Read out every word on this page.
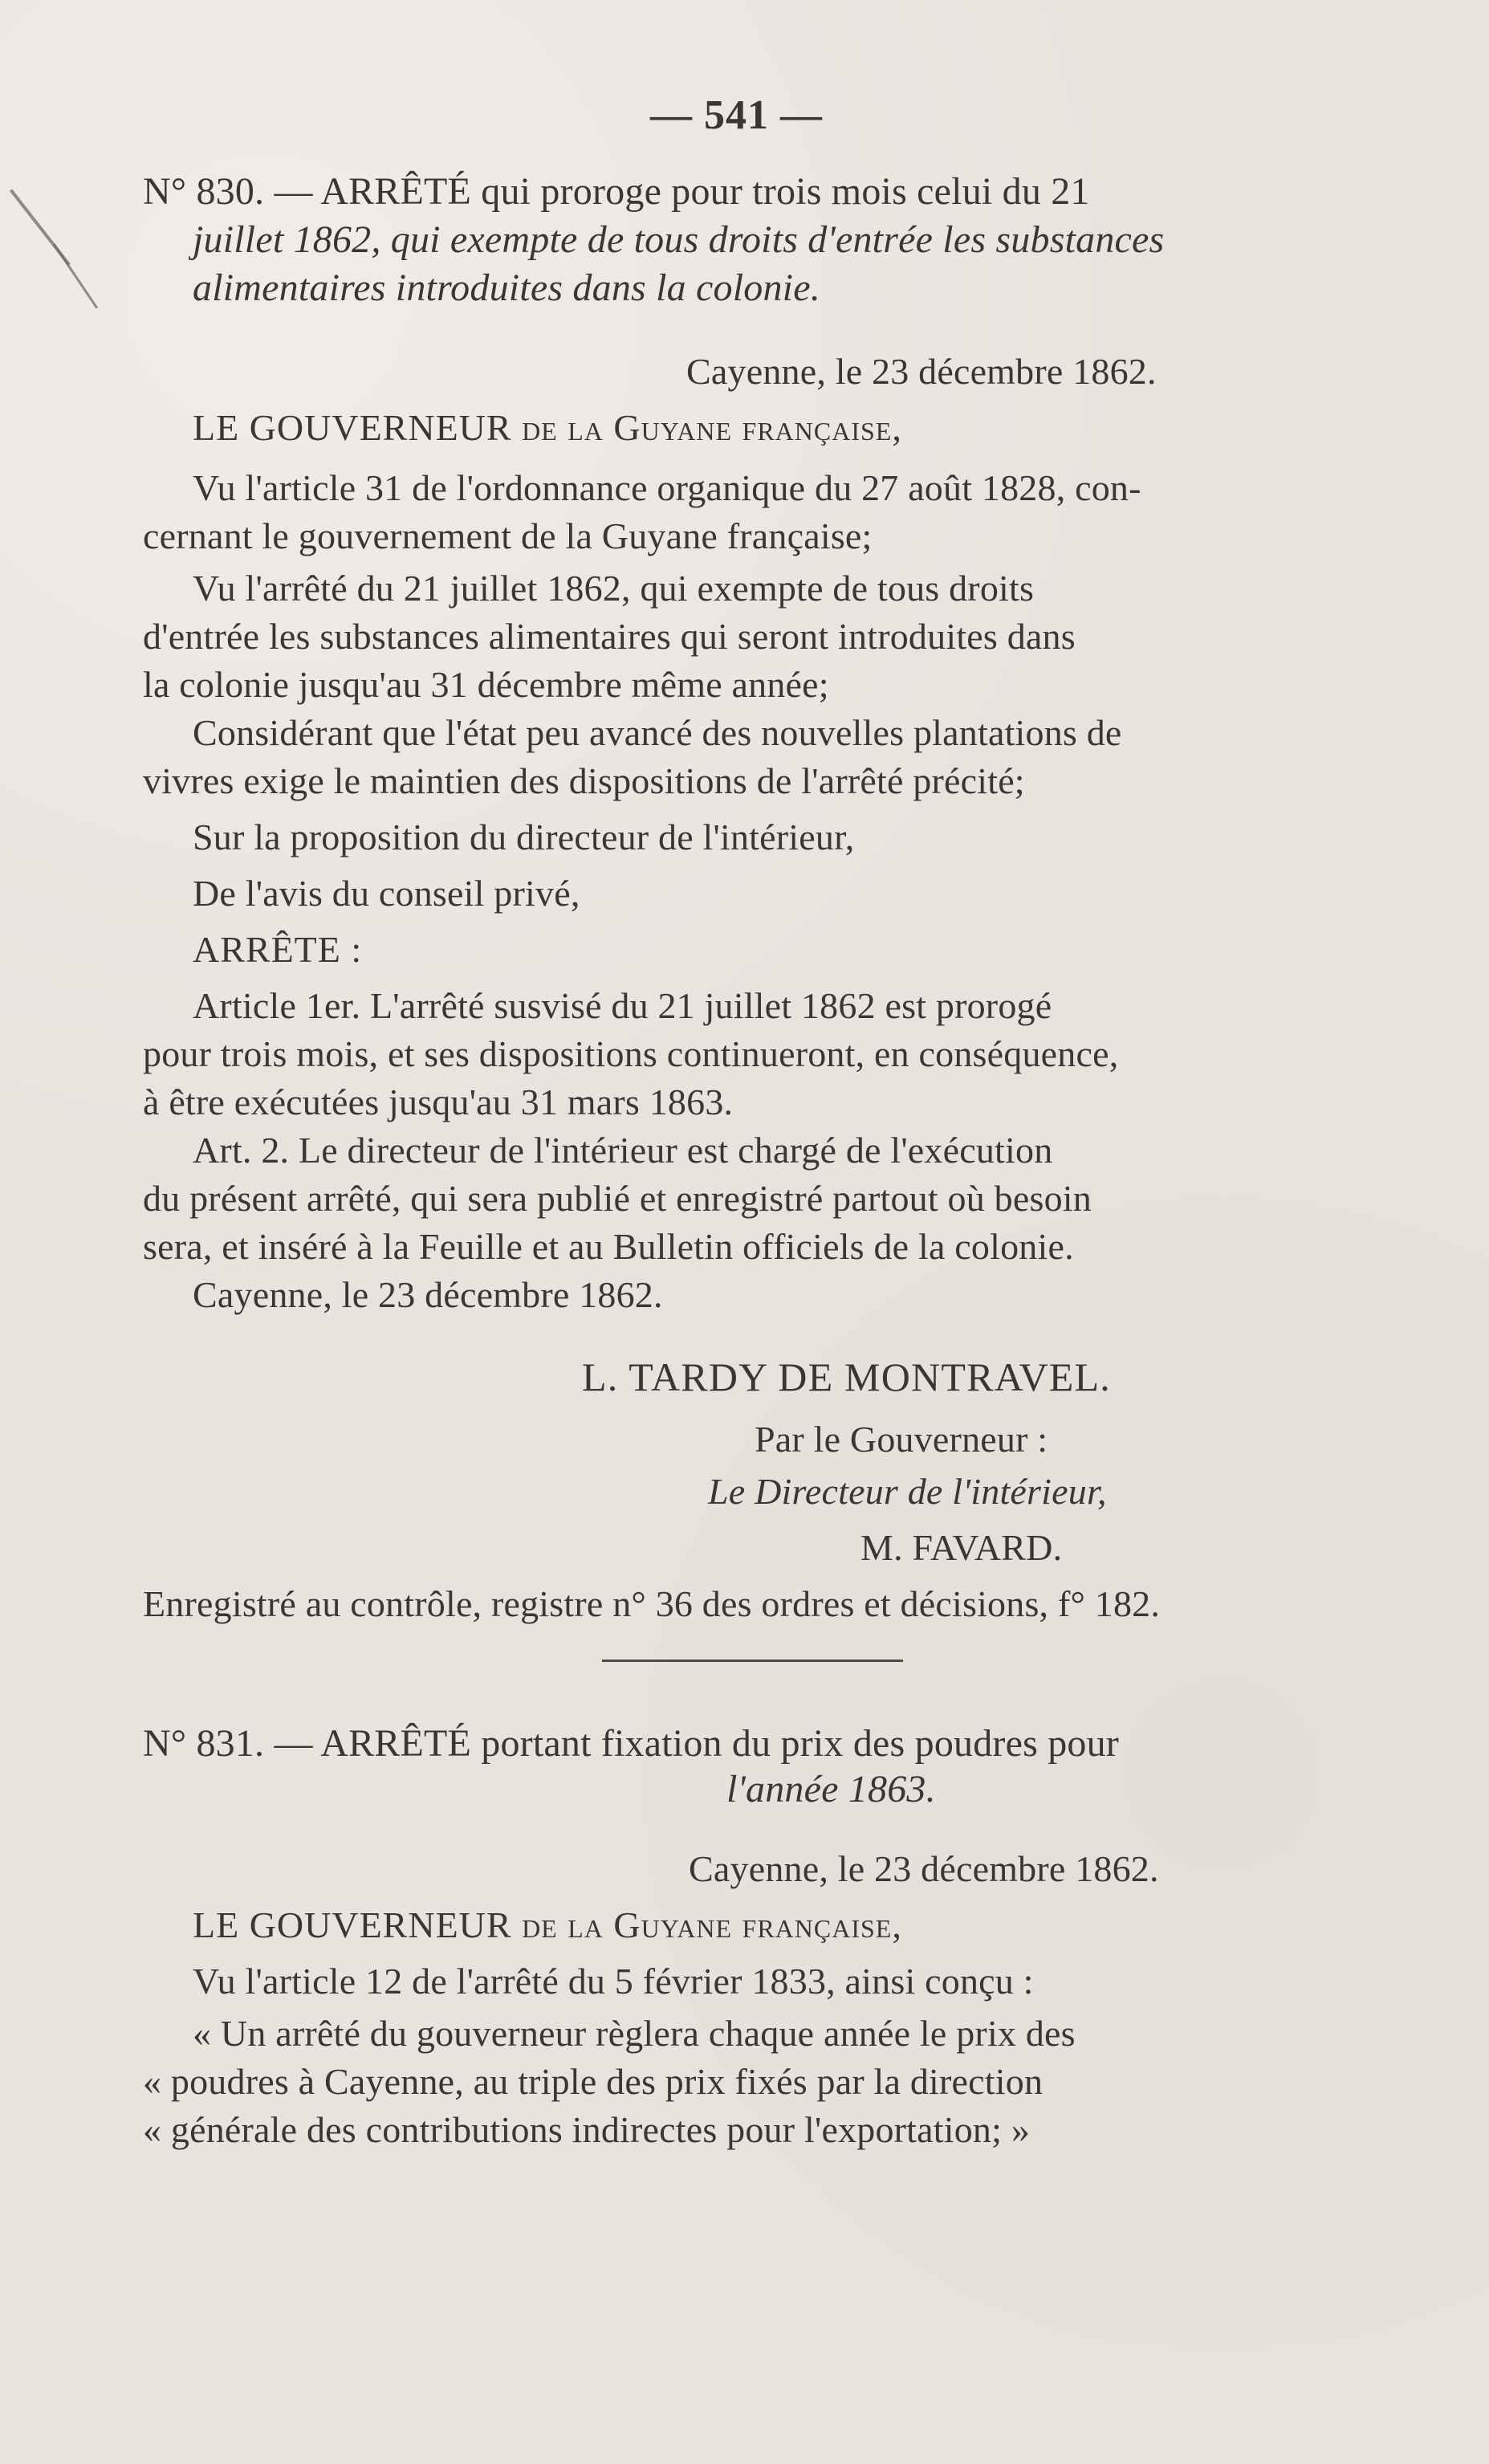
— 541 —
N° 830. — ARRÊTÉ qui proroge pour trois mois celui du 21
juillet 1862, qui exempte de tous droits d'entrée les substances
alimentaires introduites dans la colonie.
Cayenne, le 23 décembre 1862.
LE GOUVERNEUR de la Guyane française,
Vu l'article 31 de l'ordonnance organique du 27 août 1828, con-
cernant le gouvernement de la Guyane française;
Vu l'arrêté du 21 juillet 1862, qui exempte de tous droits
d'entrée les substances alimentaires qui seront introduites dans
la colonie jusqu'au 31 décembre même année;
Considérant que l'état peu avancé des nouvelles plantations de
vivres exige le maintien des dispositions de l'arrêté précité;
Sur la proposition du directeur de l'intérieur,
De l'avis du conseil privé,
ARRÊTE :
Article 1er. L'arrêté susvisé du 21 juillet 1862 est prorogé
pour trois mois, et ses dispositions continueront, en conséquence,
à être exécutées jusqu'au 31 mars 1863.
Art. 2. Le directeur de l'intérieur est chargé de l'exécution
du présent arrêté, qui sera publié et enregistré partout où besoin
sera, et inséré à la Feuille et au Bulletin officiels de la colonie.
Cayenne, le 23 décembre 1862.
L. TARDY DE MONTRAVEL.
Par le Gouverneur :
Le Directeur de l'intérieur,
M. FAVARD.
Enregistré au contrôle, registre n° 36 des ordres et décisions, f° 182.
N° 831. — ARRÊTÉ portant fixation du prix des poudres pour
l'année 1863.
Cayenne, le 23 décembre 1862.
LE GOUVERNEUR de la Guyane française,
Vu l'article 12 de l'arrêté du 5 février 1833, ainsi conçu :
« Un arrêté du gouverneur règlera chaque année le prix des
« poudres à Cayenne, au triple des prix fixés par la direction
« générale des contributions indirectes pour l'exportation; »
